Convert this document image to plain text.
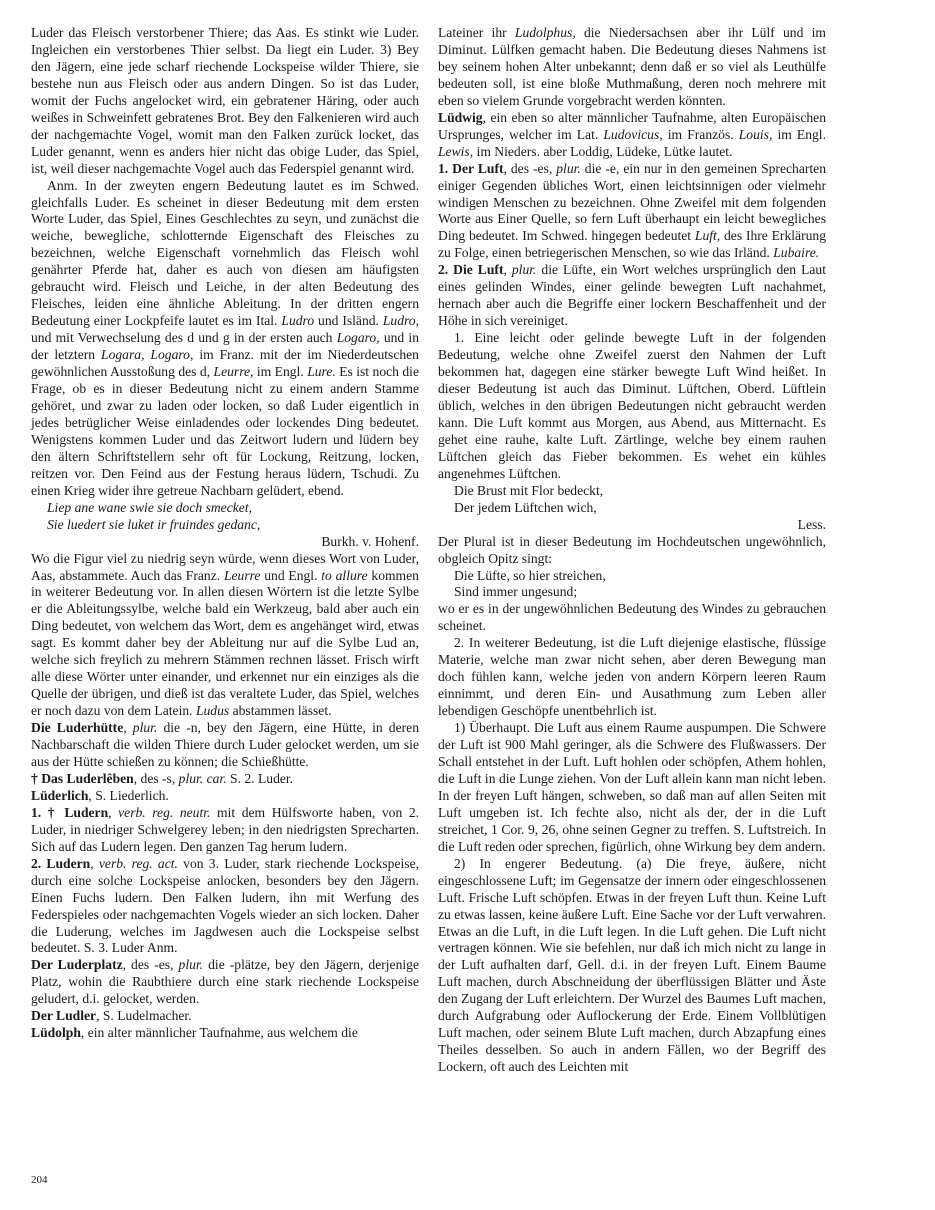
Luder das Fleisch verstorbener Thiere; das Aas. Es stinkt wie Luder. Ingleichen ein verstorbenes Thier selbst. Da liegt ein Luder. 3) Bey den Jägern, eine jede scharf riechende Lockspeise wilder Thiere, sie bestehe nun aus Fleisch oder aus andern Dingen. So ist das Luder, womit der Fuchs angelocket wird, ein gebratener Häring, oder auch weißes in Schweinfett gebratenes Brot. Bey den Falkenieren wird auch der nachgemachte Vogel, womit man den Falken zurück locket, das Luder genannt, wenn es anders hier nicht das obige Luder, das Spiel, ist, weil dieser nachgemachte Vogel auch das Federspiel genannt wird.

Anm. In der zweyten engern Bedeutung lautet es im Schwed. gleichfalls Luder. Es scheinet in dieser Bedeutung mit dem ersten Worte Luder, das Spiel, Eines Geschlechtes zu seyn, und zunächst die weiche, bewegliche, schlotternde Eigenschaft des Fleisches zu bezeichnen, welche Eigenschaft vornehmlich das Fleisch wohl genährter Pferde hat, daher es auch von diesen am häufigsten gebraucht wird. Fleisch und Leiche, in der alten Bedeutung des Fleisches, leiden eine ähnliche Ableitung. In der dritten engern Bedeutung einer Lockpfeife lautet es im Ital. Ludro und Isländ. Ludro, und mit Verwechselung des d und g in der ersten auch Logaro, und in der letztern Logara, Logaro, im Franz. mit der im Niederdeutschen gewöhnlichen Ausstoßung des d, Leurre, im Engl. Lure. Es ist noch die Frage, ob es in dieser Bedeutung nicht zu einem andern Stamme gehöret, und zwar zu laden oder locken, so daß Luder eigentlich in jedes betrüglicher Weise einladendes oder lockendes Ding bedeutet. Wenigstens kommen Luder und das Zeitwort ludern und lüdern bey den ältern Schriftstellern sehr oft für Lockung, Reitzung, locken, reitzen vor. Den Feind aus der Festung heraus lüdern, Tschudi. Zu einen Krieg wider ihre getreue Nachbarn gelüdert, ebend.

Liep ane wane swie sie doch smecket,
Sie luedert sie luket ir fruindes gedanc,

Burkh. v. Hohenf.

Wo die Figur viel zu niedrig seyn würde, wenn dieses Wort von Luder, Aas, abstammete. Auch das Franz. Leurre und Engl. to allure kommen in weiterer Bedeutung vor. In allen diesen Wörtern ist die letzte Sylbe er die Ableitungssylbe, welche bald ein Werkzeug, bald aber auch ein Ding bedeutet, von welchem das Wort, dem es angehänget wird, etwas sagt. Es kommt daher bey der Ableitung nur auf die Sylbe Lud an, welche sich freylich zu mehrern Stämmen rechnen lässet. Frisch wirft alle diese Wörter unter einander, und erkennet nur ein einziges als die Quelle der übrigen, und dieß ist das veraltete Luder, das Spiel, welches er noch dazu von dem Latein. Ludus abstammen lässet.

Die Luderhütte, plur. die -n, bey den Jägern, eine Hütte, in deren Nachbarschaft die wilden Thiere durch Luder gelocket werden, um sie aus der Hütte schießen zu können; die Schießhütte.

† Das Luderlêben, des -s, plur. car. S. 2. Luder.

Lüderlich, S. Liederlich.

1. † Ludern, verb. reg. neutr. mit dem Hülfsworte haben, von 2. Luder, in niedriger Schwelgerey leben; in den niedrigsten Sprecharten. Sich auf das Ludern legen. Den ganzen Tag herum ludern.

2. Ludern, verb. reg. act. von 3. Luder, stark riechende Lockspeise, durch eine solche Lockspeise anlocken, besonders bey den Jägern. Einen Fuchs ludern. Den Falken ludern, ihn mit Werfung des Federspieles oder nachgemachten Vogels wieder an sich locken. Daher die Luderung, welches im Jagdwesen auch die Lockspeise selbst bedeutet. S. 3. Luder Anm.

Der Luderplatz, des -es, plur. die -plätze, bey den Jägern, derjenige Platz, wohin die Raubthiere durch eine stark riechende Lockspeise geludert, d.i. gelocket, werden.

Der Ludler, S. Ludelmacher.

Lüdolph, ein alter männlicher Taufnahme, aus welchem die

Lateiner ihr Ludolphus, die Niedersachsen aber ihr Lülf und im Diminut. Lülfken gemacht haben. Die Bedeutung dieses Nahmens ist bey seinem hohen Alter unbekannt; denn daß er so viel als Leuthülfe bedeuten soll, ist eine bloße Muthmaßung, deren noch mehrere mit eben so vielem Grunde vorgebracht werden könnten.

Lüdwig, ein eben so alter männlicher Taufnahme, alten Europäischen Ursprunges, welcher im Lat. Ludovicus, im Französ. Louis, im Engl. Lewis, im Nieders. aber Loddig, Lüdeke, Lütke lautet.

1. Der Luft, des -es, plur. die -e, ein nur in den gemeinen Sprecharten einiger Gegenden übliches Wort, einen leichtsinnigen oder vielmehr windigen Menschen zu bezeichnen. Ohne Zweifel mit dem folgenden Worte aus Einer Quelle, so fern Luft überhaupt ein leicht bewegliches Ding bedeutet. Im Schwed. hingegen bedeutet Luft, des Ihre Erklärung zu Folge, einen betriegerischen Menschen, so wie das Irländ. Lubaire.

2. Die Luft, plur. die Lüfte, ein Wort welches ursprünglich den Laut eines gelinden Windes, einer gelinde bewegten Luft nachahmet, hernach aber auch die Begriffe einer lockern Beschaffenheit und der Höhe in sich vereiniget.

1. Eine leicht oder gelinde bewegte Luft in der folgenden Bedeutung, welche ohne Zweifel zuerst den Nahmen der Luft bekommen hat, dagegen eine stärker bewegte Luft Wind heißet. In dieser Bedeutung ist auch das Diminut. Lüftchen, Oberd. Lüftlein üblich, welches in den übrigen Bedeutungen nicht gebraucht werden kann. Die Luft kommt aus Morgen, aus Abend, aus Mitternacht. Es gehet eine rauhe, kalte Luft. Zärtlinge, welche bey einem rauhen Lüftchen gleich das Fieber bekommen. Es wehet ein kühles angenehmes Lüftchen.

Die Brust mit Flor bedeckt,
Der jedem Lüftchen wich,

Less.

Der Plural ist in dieser Bedeutung im Hochdeutschen ungewöhnlich, obgleich Opitz singt:

Die Lüfte, so hier streichen,
Sind immer ungesund;

wo er es in der ungewöhnlichen Bedeutung des Windes zu gebrauchen scheinet.

2. In weiterer Bedeutung, ist die Luft diejenige elastische, flüssige Materie, welche man zwar nicht sehen, aber deren Bewegung man doch fühlen kann, welche jeden von andern Körpern leeren Raum einnimmt, und deren Ein- und Ausathmung zum Leben aller lebendigen Geschöpfe unentbehrlich ist.

1) Überhaupt. Die Luft aus einem Raume auspumpen. Die Schwere der Luft ist 900 Mahl geringer, als die Schwere des Flußwassers. Der Schall entstehet in der Luft. Luft hohlen oder schöpfen, Athem hohlen, die Luft in die Lunge ziehen. Von der Luft allein kann man nicht leben. In der freyen Luft hängen, schweben, so daß man auf allen Seiten mit Luft umgeben ist. Ich fechte also, nicht als der, der in die Luft streichet, 1 Cor. 9, 26, ohne seinen Gegner zu treffen. S. Luftstreich. In die Luft reden oder sprechen, figürlich, ohne Wirkung bey dem andern.

2) In engerer Bedeutung. (a) Die freye, äußere, nicht eingeschlossene Luft; im Gegensatze der innern oder eingeschlossenen Luft. Frische Luft schöpfen. Etwas in der freyen Luft thun. Keine Luft zu etwas lassen, keine äußere Luft. Eine Sache vor der Luft verwahren. Etwas an die Luft, in die Luft legen. In die Luft gehen. Die Luft nicht vertragen können. Wie sie befehlen, nur daß ich mich nicht zu lange in der Luft aufhalten darf, Gell. d.i. in der freyen Luft. Einem Baume Luft machen, durch Abschneidung der überflüssigen Blätter und Äste den Zugang der Luft erleichtern. Der Wurzel des Baumes Luft machen, durch Aufgrabung oder Auflockerung der Erde. Einem Vollblütigen Luft machen, oder seinem Blute Luft machen, durch Abzapfung eines Theiles desselben. So auch in andern Fällen, wo der Begriff des Lockern, oft auch des Leichten mit

204
